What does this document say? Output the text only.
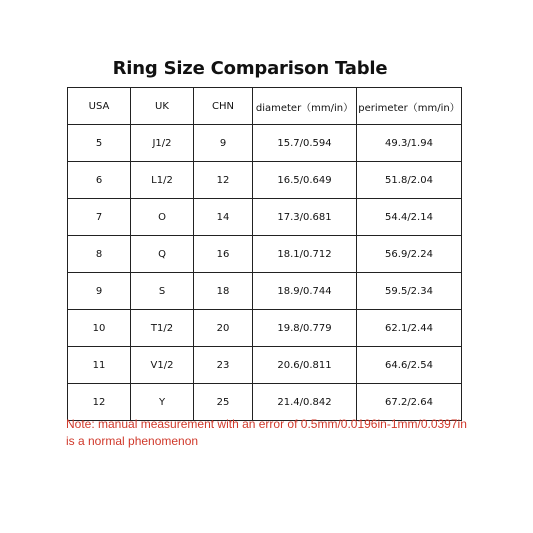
Ring Size Comparison Table
USA	UK	CHN	diameter（mm/in）	perimeter（mm/in）
5	J1/2	9	15.7/0.594	49.3/1.94
6	L1/2	12	16.5/0.649	51.8/2.04
7	O	14	17.3/0.681	54.4/2.14
8	Q	16	18.1/0.712	56.9/2.24
9	S	18	18.9/0.744	59.5/2.34
10	T1/2	20	19.8/0.779	62.1/2.44
11	V1/2	23	20.6/0.811	64.6/2.54
12	Y	25	21.4/0.842	67.2/2.64
Note: manual measurement with an error of 0.5mm/0.0196in-1mm/0.0397in is a normal phenomenon
